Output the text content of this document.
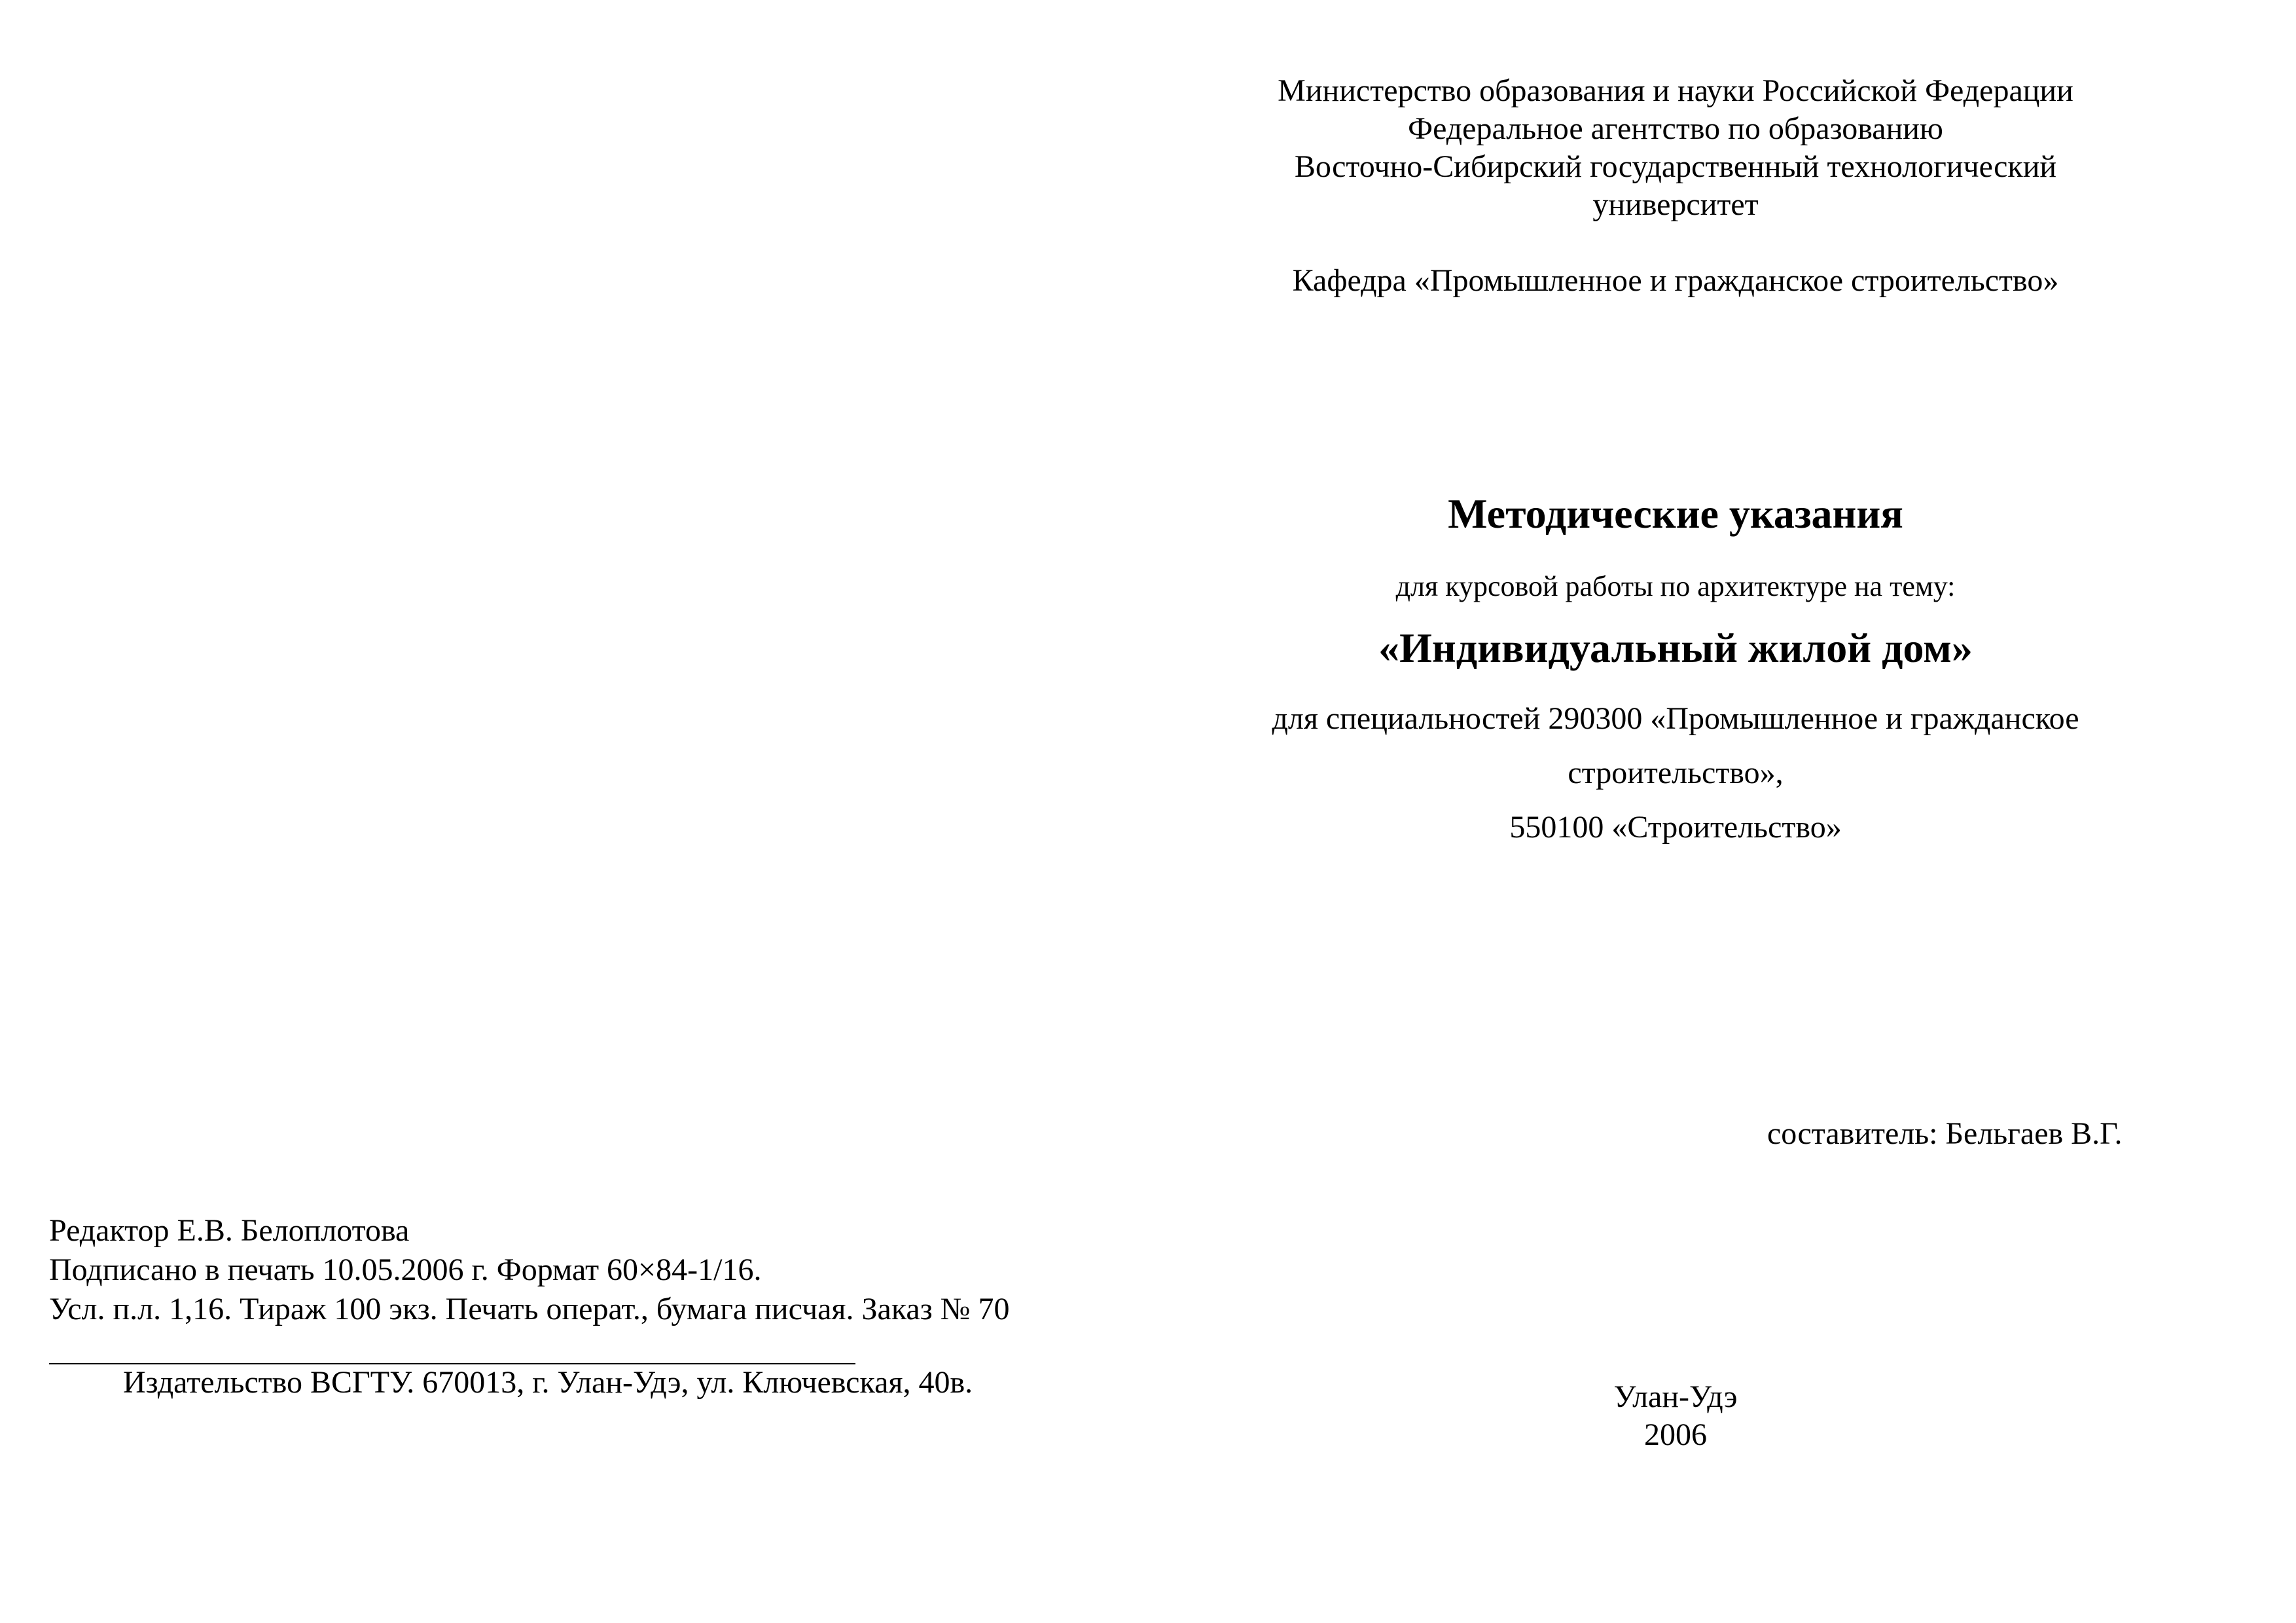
Министерство образования и науки Российской Федерации
Федеральное агентство по образованию
Восточно-Сибирский государственный технологический
университет
Кафедра «Промышленное и гражданское строительство»
Методические указания
для курсовой работы по архитектуре на тему:
«Индивидуальный жилой дом»
для специальностей 290300 «Промышленное и гражданское
строительство»,
550100 «Строительство»
составитель: Бельгаев В.Г.
Редактор Е.В. Белоплотова
Подписано в печать 10.05.2006 г. Формат 60×84-1/16.
Усл. п.л. 1,16. Тираж 100 экз. Печать операт., бумага писчая. Заказ № 70
Издательство ВСГТУ. 670013, г. Улан-Удэ, ул. Ключевская, 40в.	Улан-Удэ
2006
